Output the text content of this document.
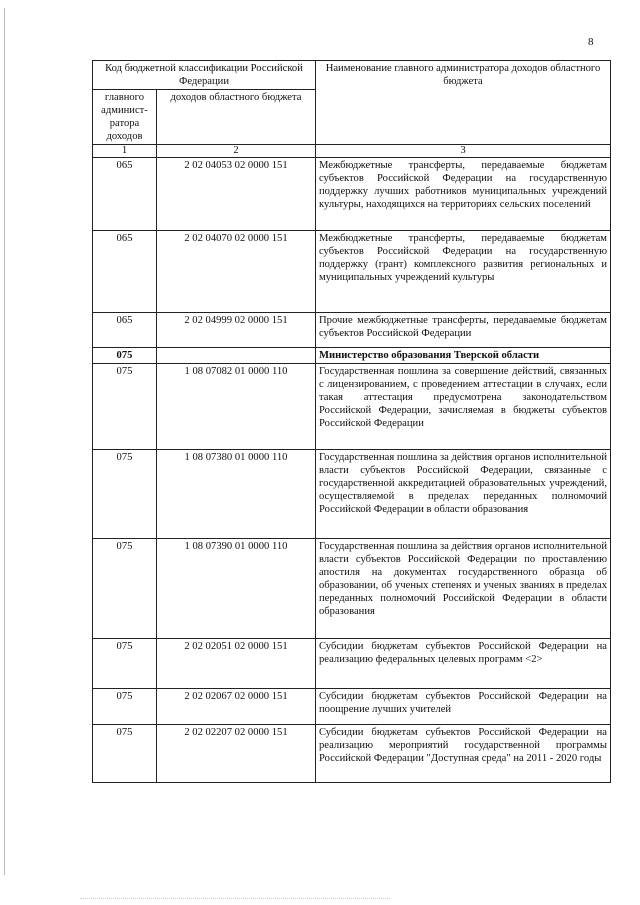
8
Код бюджетной классификации Российской Федерации		Наименование главного администратора доходов областного бюджета
главного админист-ратора доходов	доходов областного бюджета	
1	2	3
065	2 02 04053 02 0000 151	Межбюджетные трансферты, передаваемые бюджетам субъектов Российской Федерации на государственную поддержку лучших работников муниципальных учреждений культуры, находящихся на территориях сельских поселений
065	2 02 04070 02 0000 151	Межбюджетные трансферты, передаваемые бюджетам субъектов Российской Федерации на государственную поддержку (грант) комплексного развития региональных и муниципальных учреждений культуры
065	2 02 04999 02 0000 151	Прочие межбюджетные трансферты, передаваемые бюджетам субъектов Российской Федерации
075		Министерство образования Тверской области
075	1 08 07082 01 0000 110	Государственная пошлина за совершение действий, связанных с лицензированием, с проведением аттестации в случаях, если такая аттестация предусмотрена законодательством Российской Федерации, зачисляемая в бюджеты субъектов Российской Федерации
075	1 08 07380 01 0000 110	Государственная пошлина за действия органов исполнительной власти субъектов Российской Федерации, связанные с государственной аккредитацией образовательных учреждений, осуществляемой в пределах переданных полномочий Российской Федерации в области образования
075	1 08 07390 01 0000 110	Государственная пошлина за действия органов исполнительной власти субъектов Российской Федерации по проставлению апостиля на документах государственного образца об образовании, об ученых степенях и ученых званиях в пределах переданных полномочий Российской Федерации в области образования
075	2 02 02051 02 0000 151	Субсидии бюджетам субъектов Российской Федерации на реализацию федеральных целевых программ <2>
075	2 02 02067 02 0000 151	Субсидии бюджетам субъектов Российской Федерации на поощрение лучших учителей
075	2 02 02207 02 0000 151	Субсидии бюджетам субъектов Российской Федерации на реализацию мероприятий государственной программы Российской Федерации "Доступная среда" на 2011 - 2020 годы
